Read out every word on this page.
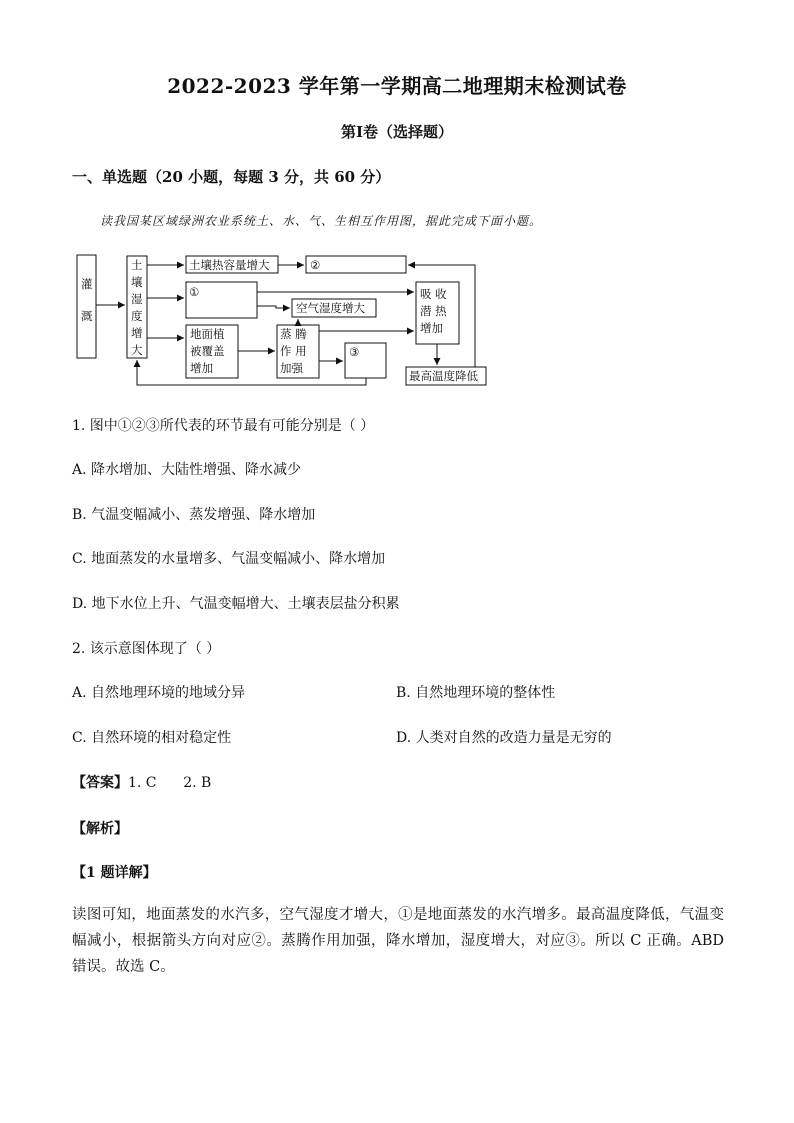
2022-2023 学年第一学期高二地理期末检测试卷
第Ⅰ卷（选择题）
一、单选题（20 小题，每题 3 分，共 60 分）
读我国某区域绿洲农业系统土、水、气、生相互作用图，据此完成下面小题。
灌
溉
土
壤
湿
度
增
大
土壤热容量增大	②
①
空气湿度增大
地面植
被覆盖
增加
蒸 腾
作 用
加强
③
吸 收
潜 热
增加
最高温度降低
1. 图中①②③所代表的环节最有可能分别是（ ）
A. 降水增加、大陆性增强、降水减少
B. 气温变幅减小、蒸发增强、降水增加
C. 地面蒸发的水量增多、气温变幅减小、降水增加
D. 地下水位上升、气温变幅增大、土壤表层盐分积累
2. 该示意图体现了（ ）
A. 自然地理环境的地域分异	B. 自然地理环境的整体性
C. 自然环境的相对稳定性	D. 人类对自然的改造力量是无穷的
【答案】1. C      2. B
【解析】
【1 题详解】
读图可知，地面蒸发的水汽多，空气湿度才增大，①是地面蒸发的水汽增多。最高温度降低，气温变幅减小，根据箭头方向对应②。蒸腾作用加强，降水增加，湿度增大，对应③。所以 C 正确。ABD 错误。故选 C。
